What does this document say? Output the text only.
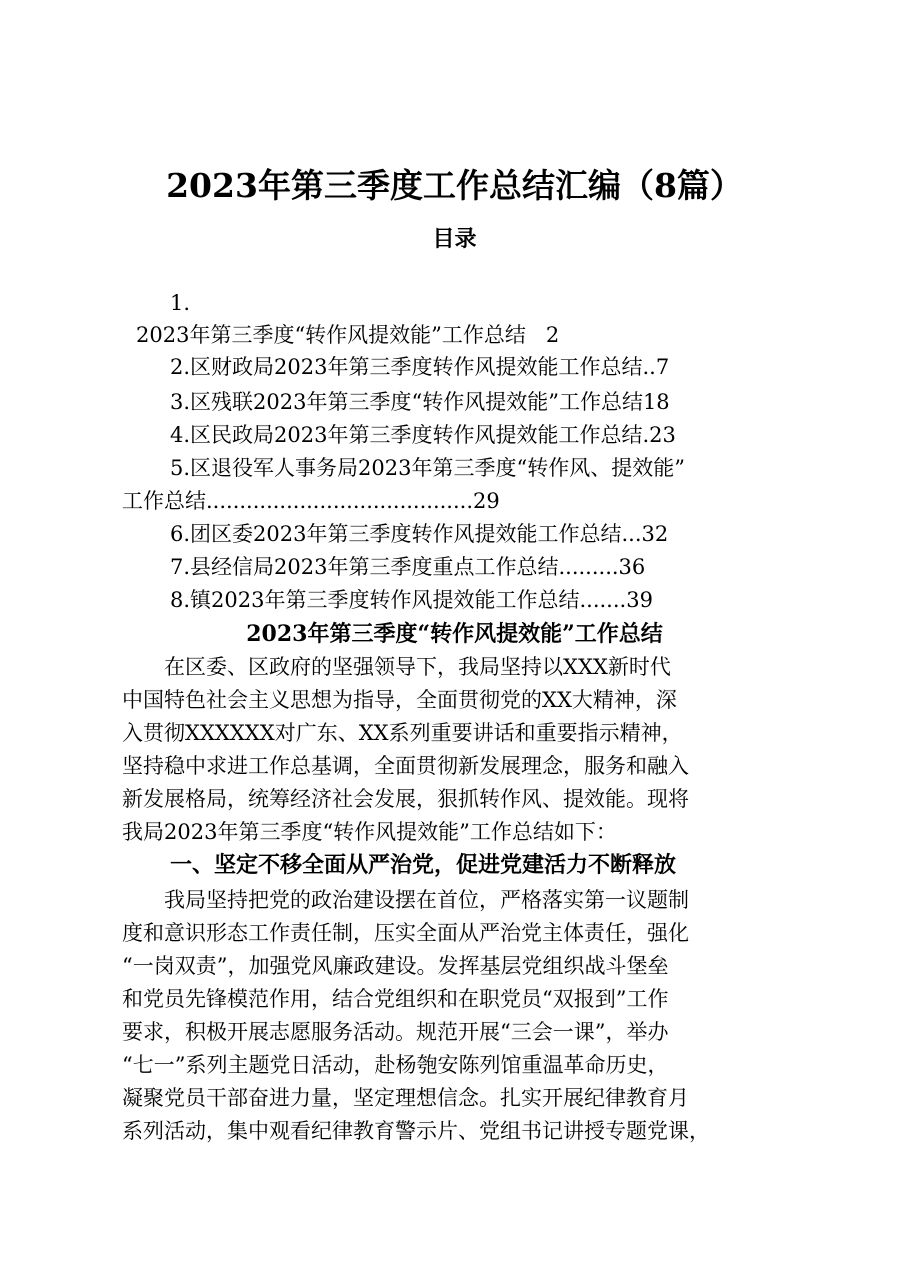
2023年第三季度工作总结汇编（8篇）
目录
1.
2023年第三季度“转作风提效能”工作总结 2
2.区财政局2023年第三季度转作风提效能工作总结..7
3.区残联2023年第三季度“转作风提效能”工作总结18
4.区民政局2023年第三季度转作风提效能工作总结.23
5.区退役军人事务局2023年第三季度“转作风、提效能”
工作总结........................................29
6.团区委2023年第三季度转作风提效能工作总结...32
7.县经信局2023年第三季度重点工作总结.........36
8.镇2023年第三季度转作风提效能工作总结.......39
2023年第三季度“转作风提效能”工作总结

　　在区委、区政府的坚强领导下，我局坚持以XXX新时代

中国特色社会主义思想为指导，全面贯彻党的XX大精神，深

入贯彻XXXXXX对广东、XX系列重要讲话和重要指示精神，

坚持稳中求进工作总基调，全面贯彻新发展理念，服务和融入

新发展格局，统筹经济社会发展，狠抓转作风、提效能。现将

我局2023年第三季度“转作风提效能”工作总结如下：

一、坚定不移全面从严治党，促进党建活力不断释放

　　我局坚持把党的政治建设摆在首位，严格落实第一议题制

度和意识形态工作责任制，压实全面从严治党主体责任，强化

“一岗双责”，加强党风廉政建设。发挥基层党组织战斗堡垒

和党员先锋模范作用，结合党组织和在职党员“双报到”工作

要求，积极开展志愿服务活动。规范开展“三会一课”，举办

“七一”系列主题党日活动，赴杨匏安陈列馆重温革命历史，

凝聚党员干部奋进力量，坚定理想信念。扎实开展纪律教育月

系列活动，集中观看纪律教育警示片、党组书记讲授专题党课，
